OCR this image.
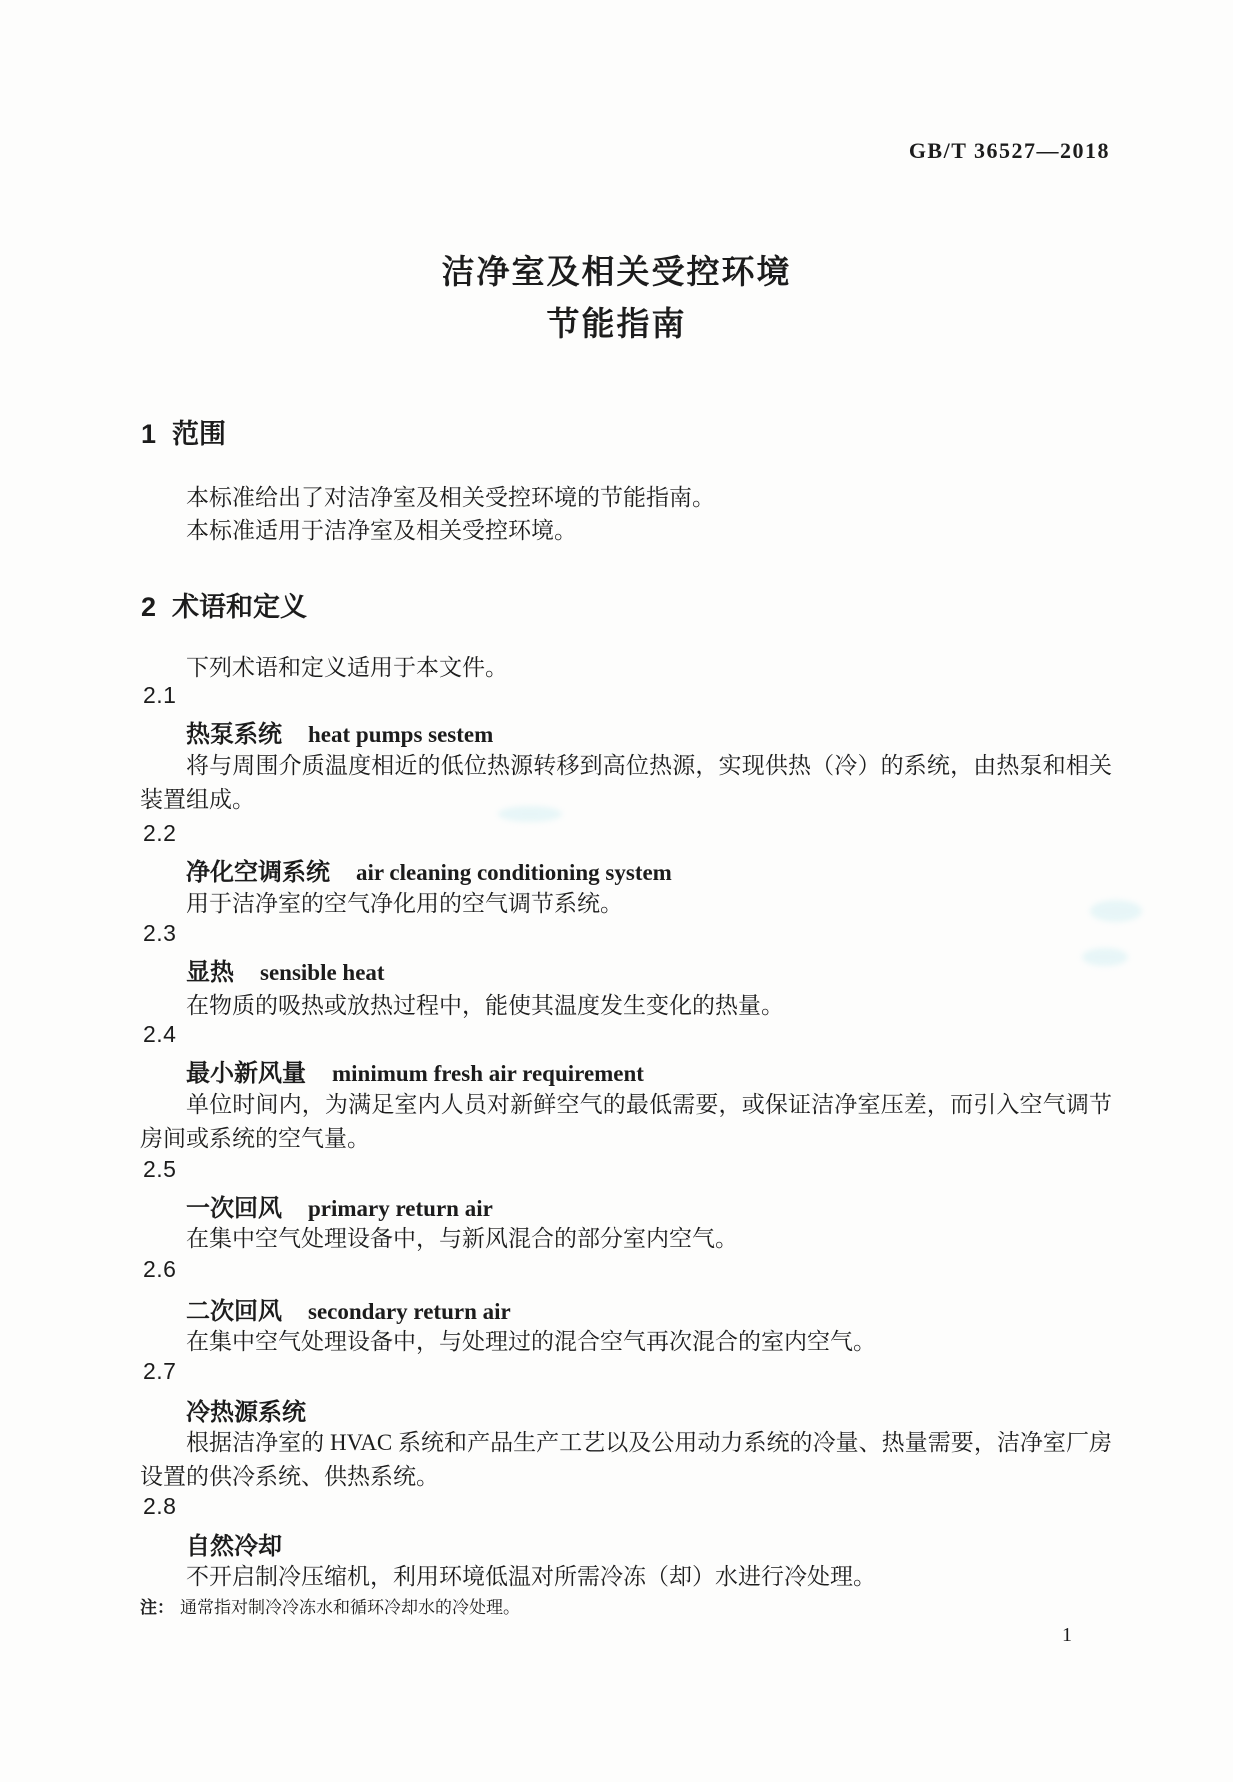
GB/T 36527—2018
洁净室及相关受控环境
节能指南
1 范围
本标准给出了对洁净室及相关受控环境的节能指南。
本标准适用于洁净室及相关受控环境。
2 术语和定义
下列术语和定义适用于本文件。
2.1
热泵系统 heat pumps sestem
将与周围介质温度相近的低位热源转移到高位热源，实现供热（冷）的系统，由热泵和相关装置组成。
2.2
净化空调系统 air cleaning conditioning system
用于洁净室的空气净化用的空气调节系统。
2.3
显热 sensible heat
在物质的吸热或放热过程中，能使其温度发生变化的热量。
2.4
最小新风量 minimum fresh air requirement
单位时间内，为满足室内人员对新鲜空气的最低需要，或保证洁净室压差，而引入空气调节房间或系统的空气量。
2.5
一次回风 primary return air
在集中空气处理设备中，与新风混合的部分室内空气。
2.6
二次回风 secondary return air
在集中空气处理设备中，与处理过的混合空气再次混合的室内空气。
2.7
冷热源系统
根据洁净室的 HVAC 系统和产品生产工艺以及公用动力系统的冷量、热量需要，洁净室厂房设置的供冷系统、供热系统。
2.8
自然冷却
不开启制冷压缩机，利用环境低温对所需冷冻（却）水进行冷处理。
注： 通常指对制冷冷冻水和循环冷却水的冷处理。
1
